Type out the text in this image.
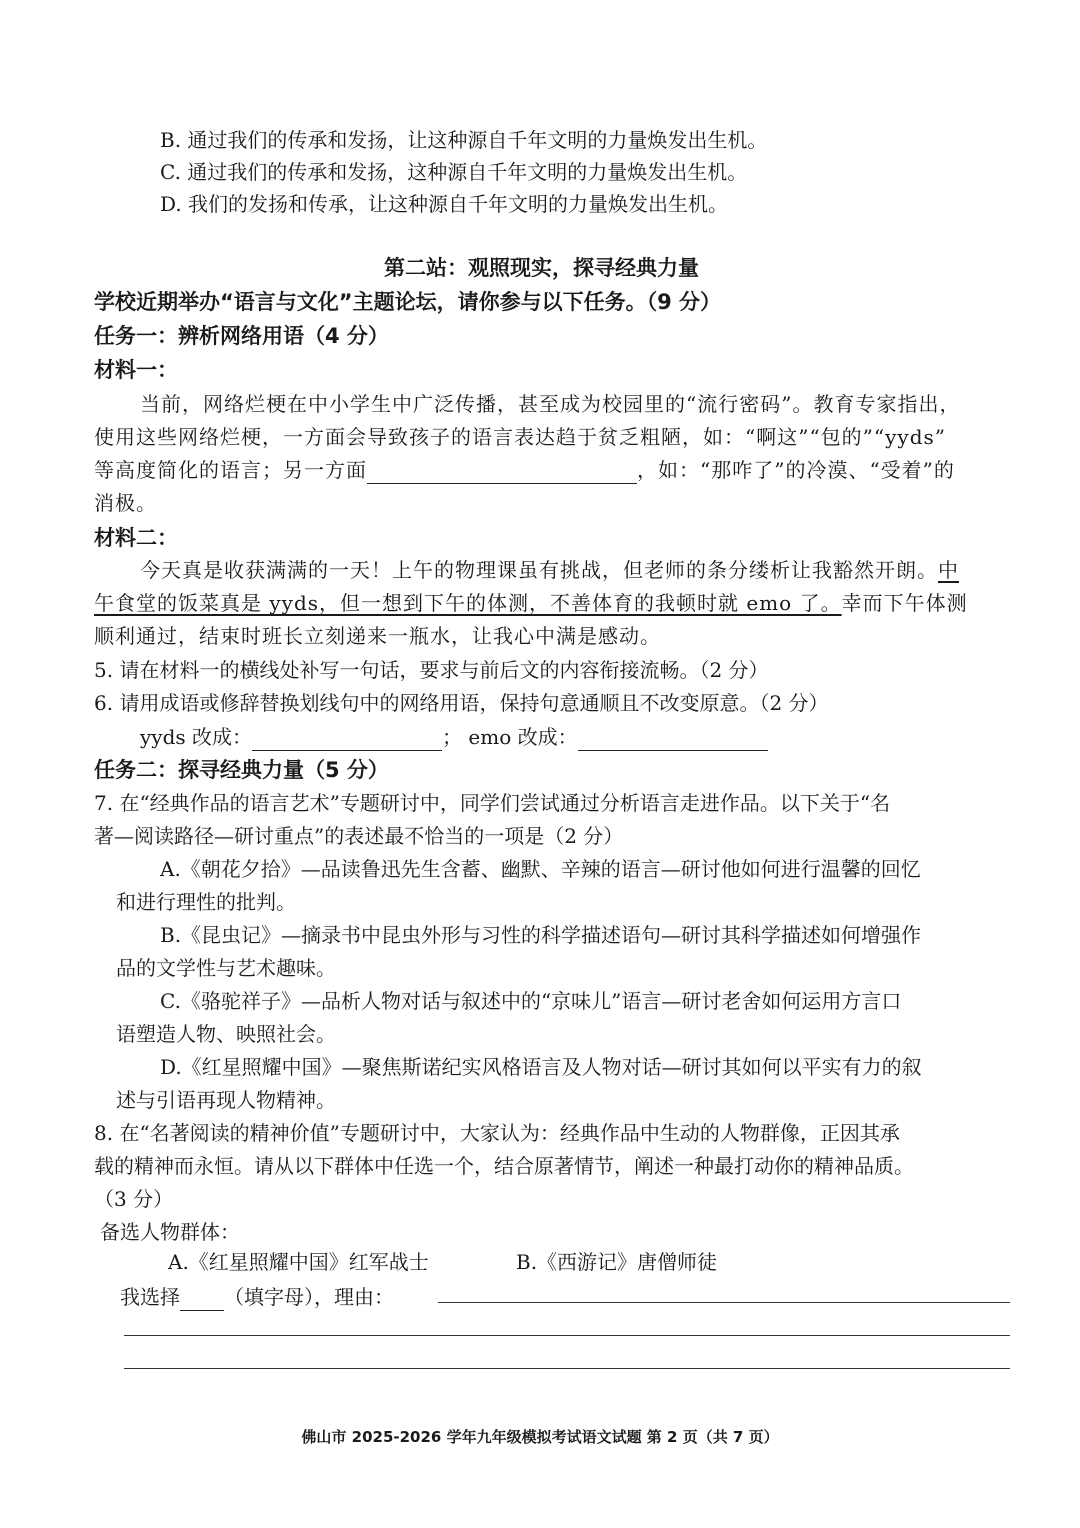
B. 通过我们的传承和发扬，让这种源自千年文明的力量焕发出生机。
C. 通过我们的传承和发扬，这种源自千年文明的力量焕发出生机。
D. 我们的发扬和传承，让这种源自千年文明的力量焕发出生机。
第二站：观照现实，探寻经典力量
学校近期举办“语言与文化”主题论坛，请你参与以下任务。（9 分）
任务一：辨析网络用语（4 分）
材料一：
当前，网络烂梗在中小学生中广泛传播，甚至成为校园里的“流行密码”。教育专家指出，
使用这些网络烂梗，一方面会导致孩子的语言表达趋于贫乏粗陋，如：“啊这”“包的”“yyds”
等高度简化的语言；另一方面	，如：“那咋了”的冷漠、“受着”的
消极。
材料二：
今天真是收获满满的一天！上午的物理课虽有挑战，但老师的条分缕析让我豁然开朗。中
午食堂的饭菜真是 yyds，但一想到下午的体测，不善体育的我顿时就 emo 了。幸而下午体测
顺利通过，结束时班长立刻递来一瓶水，让我心中满是感动。
5. 请在材料一的横线处补写一句话，要求与前后文的内容衔接流畅。（2 分）
6. 请用成语或修辞替换划线句中的网络用语，保持句意通顺且不改变原意。（2 分）
yyds 改成：	； emo 改成：
任务二：探寻经典力量（5 分）
7. 在“经典作品的语言艺术”专题研讨中，同学们尝试通过分析语言走进作品。以下关于“名
著—阅读路径—研讨重点”的表述最不恰当的一项是（2 分）
A.《朝花夕拾》—品读鲁迅先生含蓄、幽默、辛辣的语言—研讨他如何进行温馨的回忆
和进行理性的批判。
B.《昆虫记》—摘录书中昆虫外形与习性的科学描述语句—研讨其科学描述如何增强作
品的文学性与艺术趣味。
C.《骆驼祥子》—品析人物对话与叙述中的“京味儿”语言—研讨老舍如何运用方言口
语塑造人物、映照社会。
D.《红星照耀中国》—聚焦斯诺纪实风格语言及人物对话—研讨其如何以平实有力的叙
述与引语再现人物精神。
8. 在“名著阅读的精神价值”专题研讨中，大家认为：经典作品中生动的人物群像，正因其承
载的精神而永恒。请从以下群体中任选一个，结合原著情节，阐述一种最打动你的精神品质。
（3 分）
备选人物群体：
A.《红星照耀中国》红军战士	B.《西游记》唐僧师徒
我选择 （填字母），理由：
佛山市 2025-2026 学年九年级模拟考试语文试题 第 2 页（共 7 页）
